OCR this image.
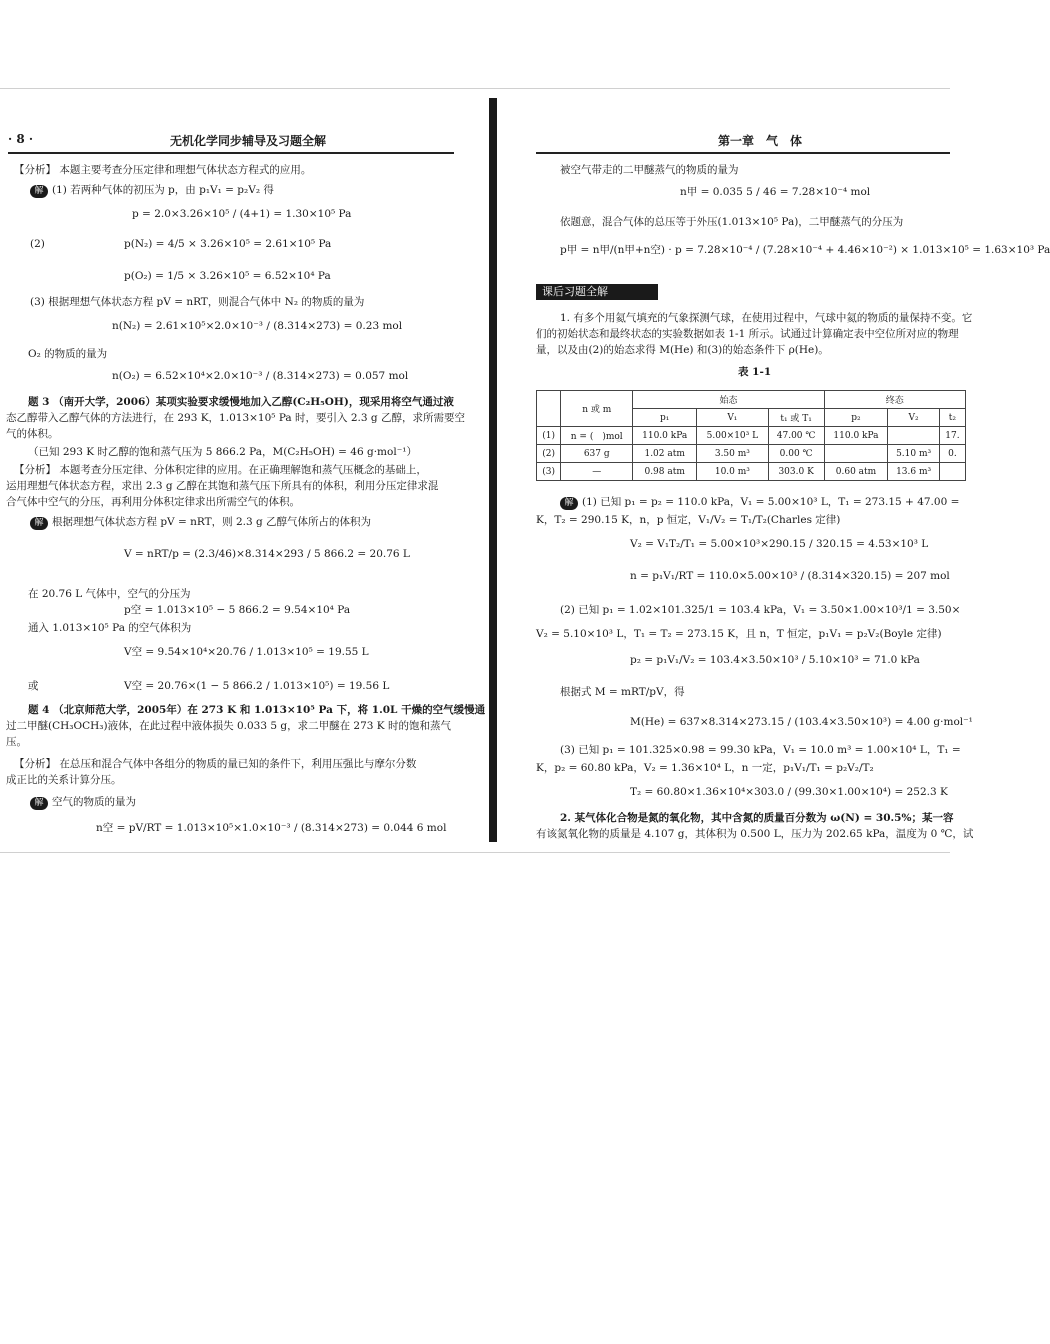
· 8 ·	无机化学同步辅导及习题全解
【分析】 本题主要考查分压定律和理想气体状态方程式的应用。
解 (1) 若两种气体的初压为 p，由 p₁V₁ = p₂V₂ 得
p = 2.0×3.26×10⁵ / (4+1) = 1.30×10⁵ Pa
(2)	p(N₂) = 4/5 × 3.26×10⁵ = 2.61×10⁵ Pa
p(O₂) = 1/5 × 3.26×10⁵ = 6.52×10⁴ Pa
(3) 根据理想气体状态方程 pV = nRT，则混合气体中 N₂ 的物质的量为
n(N₂) = 2.61×10⁵×2.0×10⁻³ / (8.314×273) = 0.23 mol
O₂ 的物质的量为
n(O₂) = 6.52×10⁴×2.0×10⁻³ / (8.314×273) = 0.057 mol
题 3 （南开大学，2006）某项实验要求缓慢地加入乙醇(C₂H₅OH)，现采用将空气通过液
态乙醇带入乙醇气体的方法进行，在 293 K，1.013×10⁵ Pa 时，要引入 2.3 g 乙醇，求所需要空
气的体积。
（已知 293 K 时乙醇的饱和蒸气压为 5 866.2 Pa，M(C₂H₅OH) = 46 g·mol⁻¹）
【分析】 本题考查分压定律、分体积定律的应用。在正确理解饱和蒸气压概念的基础上，
运用理想气体状态方程，求出 2.3 g 乙醇在其饱和蒸气压下所具有的体积，利用分压定律求混
合气体中空气的分压，再利用分体积定律求出所需空气的体积。
解 根据理想气体状态方程 pV = nRT，则 2.3 g 乙醇气体所占的体积为
V = nRT/p = (2.3/46)×8.314×293 / 5 866.2 = 20.76 L
在 20.76 L 气体中，空气的分压为
p空 = 1.013×10⁵ − 5 866.2 = 9.54×10⁴ Pa
通入 1.013×10⁵ Pa 的空气体积为
V空 = 9.54×10⁴×20.76 / 1.013×10⁵ = 19.55 L
或	V空 = 20.76×(1 − 5 866.2 / 1.013×10⁵) = 19.56 L
题 4 （北京师范大学，2005年）在 273 K 和 1.013×10⁵ Pa 下，将 1.0L 干燥的空气缓慢通
过二甲醚(CH₃OCH₃)液体，在此过程中液体损失 0.033 5 g，求二甲醚在 273 K 时的饱和蒸气
压。
【分析】 在总压和混合气体中各组分的物质的量已知的条件下，利用压强比与摩尔分数
成正比的关系计算分压。
解 空气的物质的量为
n空 = pV/RT = 1.013×10⁵×1.0×10⁻³ / (8.314×273) = 0.044 6 mol
第一章　气　体
被空气带走的二甲醚蒸气的物质的量为
n甲 = 0.035 5 / 46 = 7.28×10⁻⁴ mol
依题意，混合气体的总压等于外压(1.013×10⁵ Pa)，二甲醚蒸气的分压为
p甲 = n甲/(n甲+n空) · p = 7.28×10⁻⁴ / (7.28×10⁻⁴ + 4.46×10⁻²) × 1.013×10⁵ = 1.63×10³ Pa
课后习题全解
1. 有多个用氦气填充的气象探测气球，在使用过程中，气球中氦的物质的量保持不变。它
们的初始状态和最终状态的实验数据如表 1-1 所示。试通过计算确定表中空位所对应的物理
量，以及由(2)的始态求得 M(He) 和(3)的始态条件下 ρ(He)。
表 1-1
	n 或 m	始态			终态		
		p₁	V₁	t₁ 或 T₁	p₂	V₂	t₂
(1)	n = (　)mol	110.0 kPa	5.00×10³ L	47.00 ℃	110.0 kPa		17.
(2)	637 g	1.02 atm	3.50 m³	0.00 ℃		5.10 m³	0.
(3)	—	0.98 atm	10.0 m³	303.0 K	0.60 atm	13.6 m³	
解 (1) 已知 p₁ = p₂ = 110.0 kPa，V₁ = 5.00×10³ L，T₁ = 273.15 + 47.00 =
K，T₂ = 290.15 K，n，p 恒定，V₁/V₂ = T₁/T₂(Charles 定律)
V₂ = V₁T₂/T₁ = 5.00×10³×290.15 / 320.15 = 4.53×10³ L
n = p₁V₁/RT = 110.0×5.00×10³ / (8.314×320.15) = 207 mol
(2) 已知 p₁ = 1.02×101.325/1 = 103.4 kPa，V₁ = 3.50×1.00×10³/1 = 3.50×
V₂ = 5.10×10³ L，T₁ = T₂ = 273.15 K，且 n，T 恒定，p₁V₁ = p₂V₂(Boyle 定律)
p₂ = p₁V₁/V₂ = 103.4×3.50×10³ / 5.10×10³ = 71.0 kPa
根据式 M = mRT/pV，得
M(He) = 637×8.314×273.15 / (103.4×3.50×10³) = 4.00 g·mol⁻¹
(3) 已知 p₁ = 101.325×0.98 = 99.30 kPa，V₁ = 10.0 m³ = 1.00×10⁴ L，T₁ =
K，p₂ = 60.80 kPa，V₂ = 1.36×10⁴ L，n 一定，p₁V₁/T₁ = p₂V₂/T₂
T₂ = 60.80×1.36×10⁴×303.0 / (99.30×1.00×10⁴) = 252.3 K
2. 某气体化合物是氮的氧化物，其中含氮的质量百分数为 ω(N) = 30.5%；某一容
有该氮氧化物的质量是 4.107 g，其体积为 0.500 L，压力为 202.65 kPa，温度为 0 ℃，试
